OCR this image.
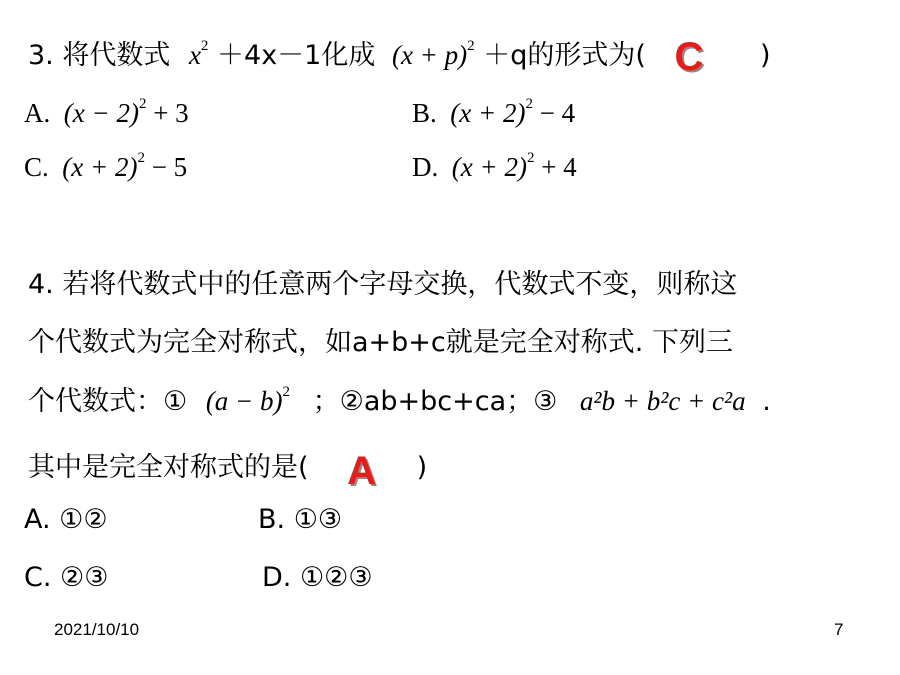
3. 将代数式 $x^2 +4x-1$化成 $(x + p)^2 +q$的形式为( C )
A. $(x - 2)^2 + 3$	B. $(x + 2)^2 - 4$
C. $(x + 2)^2 - 5$	D. $(x + 2)^2 + 4$
4. 若将代数式中的任意两个字母交换，代数式不变，则称这
个代数式为完全对称式，如a+b+c就是完全对称式. 下列三
个代数式：① $(a - b)^2$ ；②ab+bc+ca；③ a²b + b²c + c²a .
其中是完全对称式的是( A )
A. ①②	B. ①③
C. ②③	D. ①②③
2021/10/10	7
